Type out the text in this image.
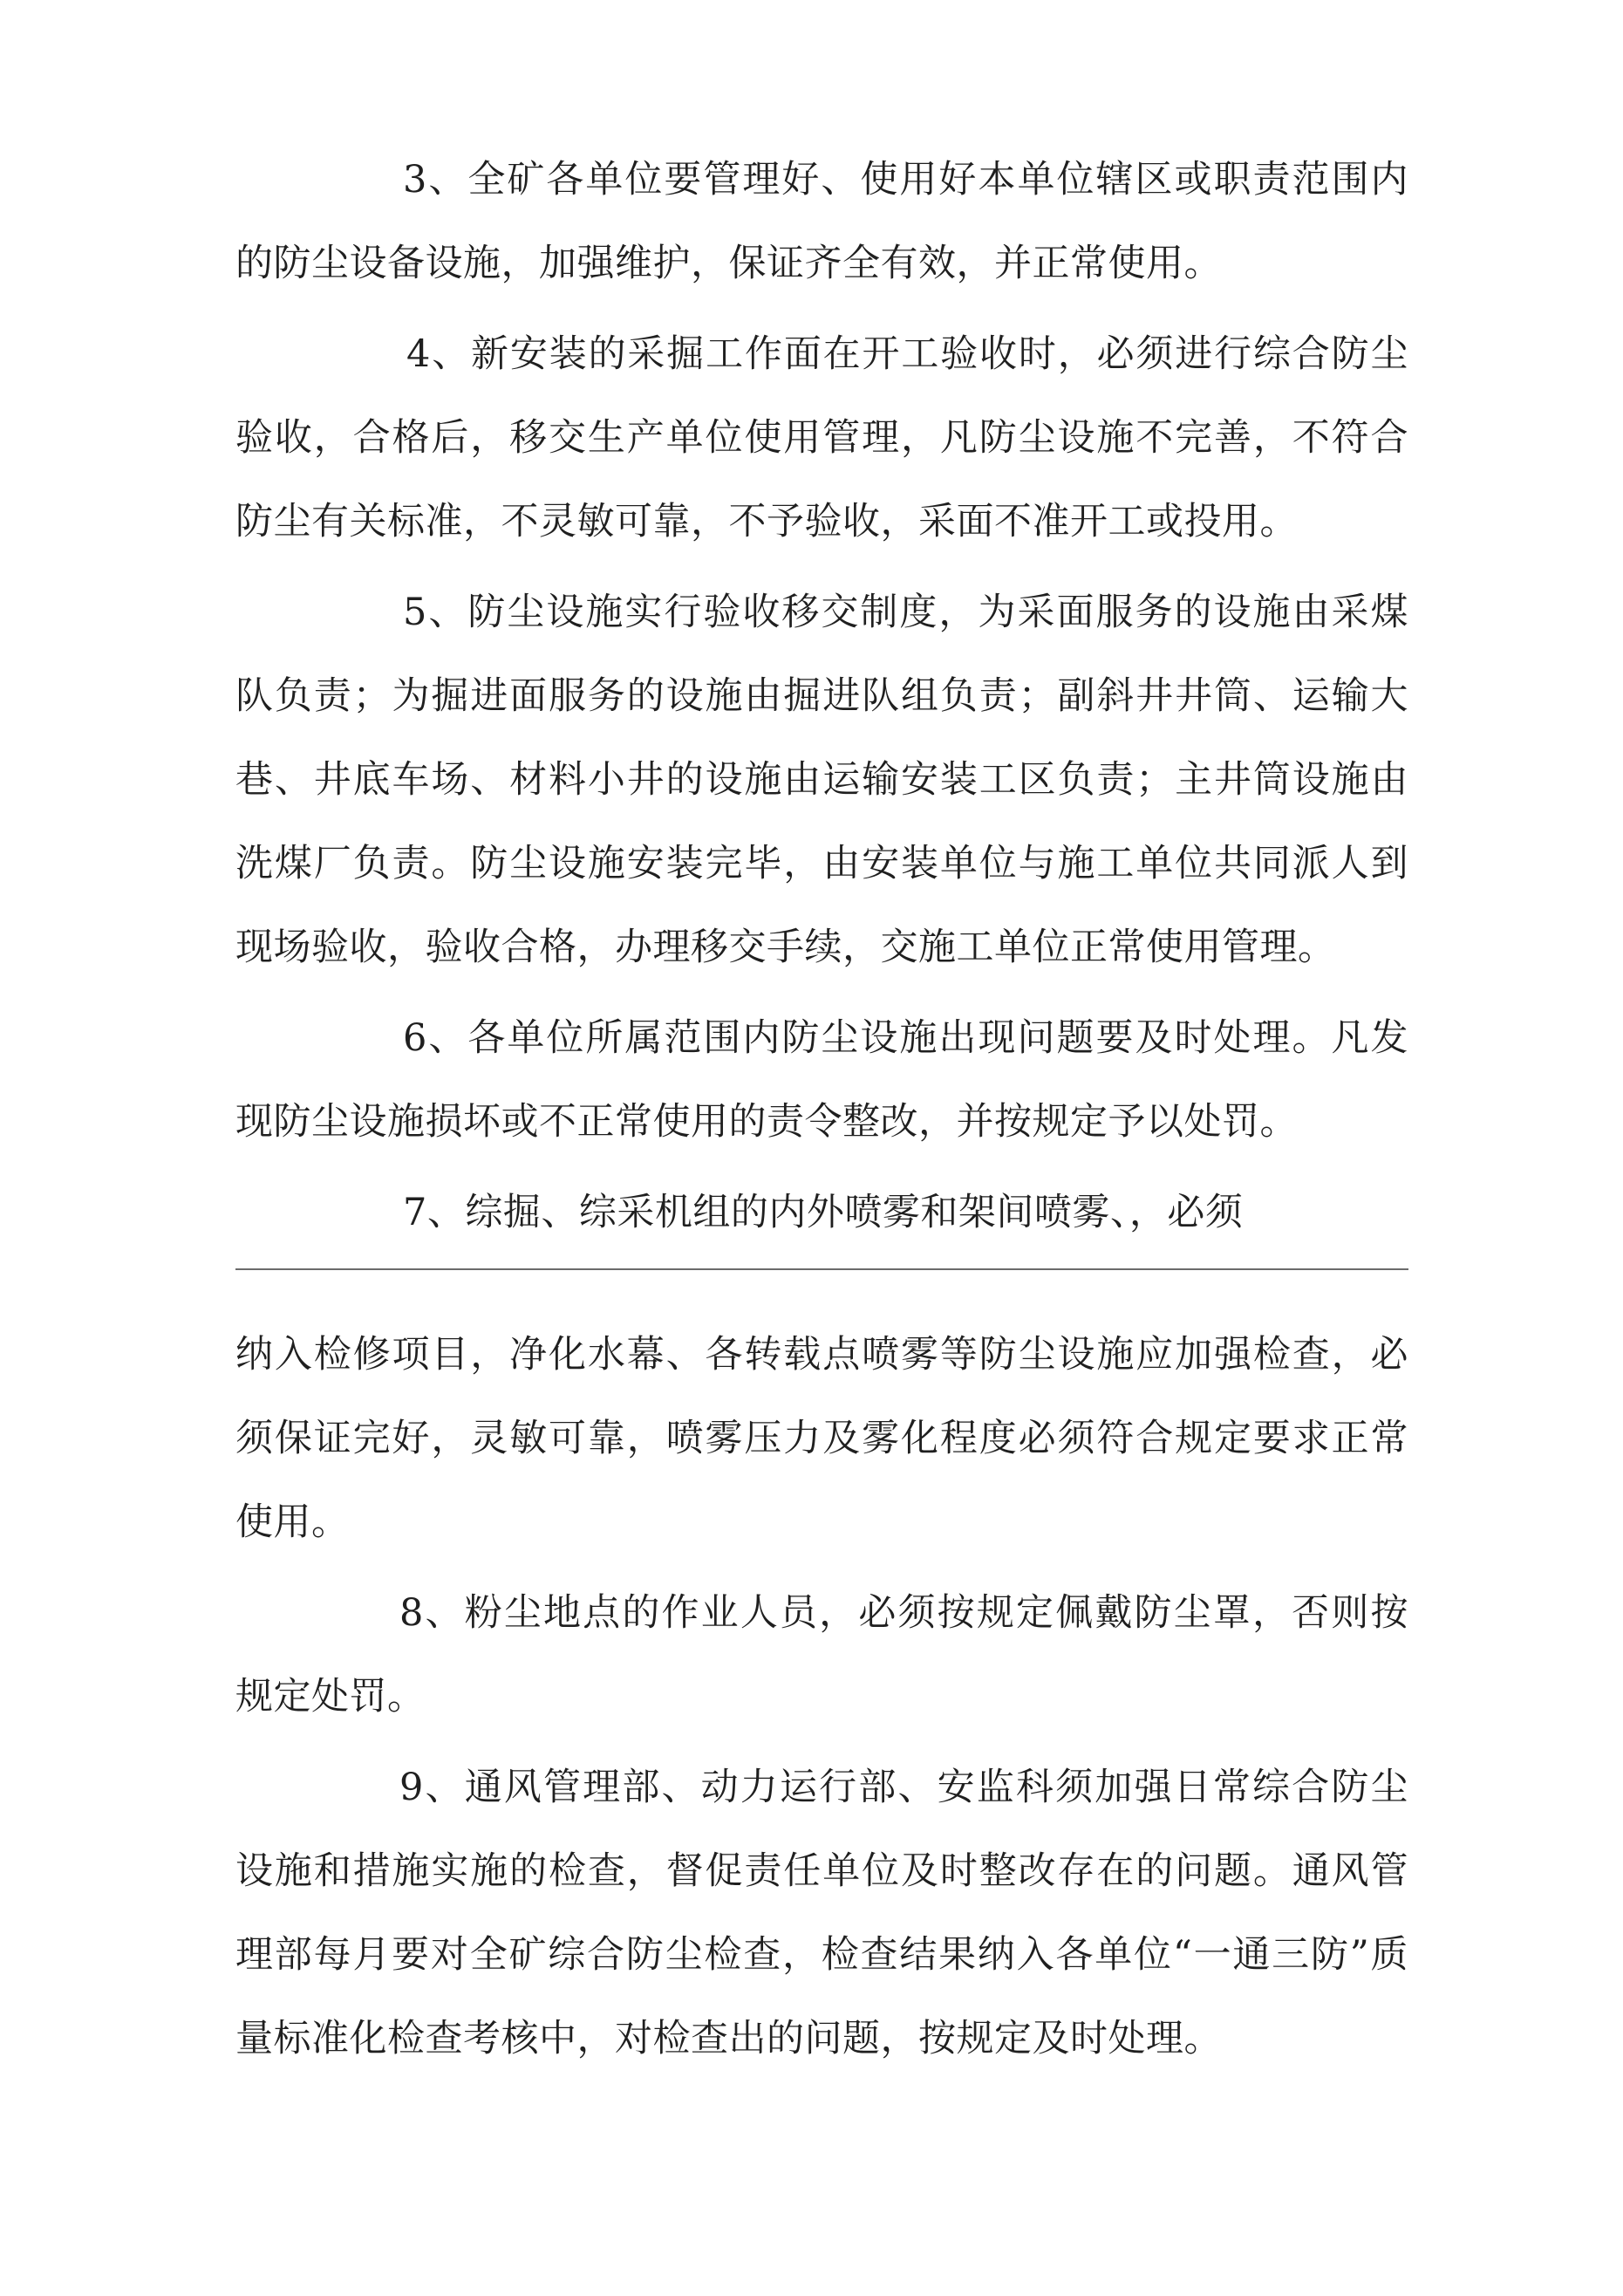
3、全矿各单位要管理好、使用好本单位辖区或职责范围内的防尘设备设施，加强维护，保证齐全有效，并正常使用。

4、新安装的采掘工作面在开工验收时，必须进行综合防尘验收，合格后，移交生产单位使用管理，凡防尘设施不完善，不符合防尘有关标准，不灵敏可靠，不予验收，采面不准开工或投用。

5、防尘设施实行验收移交制度，为采面服务的设施由采煤队负责；为掘进面服务的设施由掘进队组负责；副斜井井筒、运输大巷、井底车场、材料小井的设施由运输安装工区负责；主井筒设施由洗煤厂负责。防尘设施安装完毕，由安装单位与施工单位共同派人到现场验收，验收合格，办理移交手续，交施工单位正常使用管理。

6、各单位所属范围内防尘设施出现问题要及时处理。凡发现防尘设施损坏或不正常使用的责令整改，并按规定予以处罚。

7、综掘、综采机组的内外喷雾和架间喷雾、，必须

纳入检修项目，净化水幕、各转载点喷雾等防尘设施应加强检查，必须保证完好，灵敏可靠，喷雾压力及雾化程度必须符合规定要求正常使用。

8、粉尘地点的作业人员，必须按规定佩戴防尘罩，否则按规定处罚。

9、通风管理部、动力运行部、安监科须加强日常综合防尘设施和措施实施的检查，督促责任单位及时整改存在的问题。通风管理部每月要对全矿综合防尘检查，检查结果纳入各单位“一通三防”质量标准化检查考核中，对检查出的问题，按规定及时处理。
